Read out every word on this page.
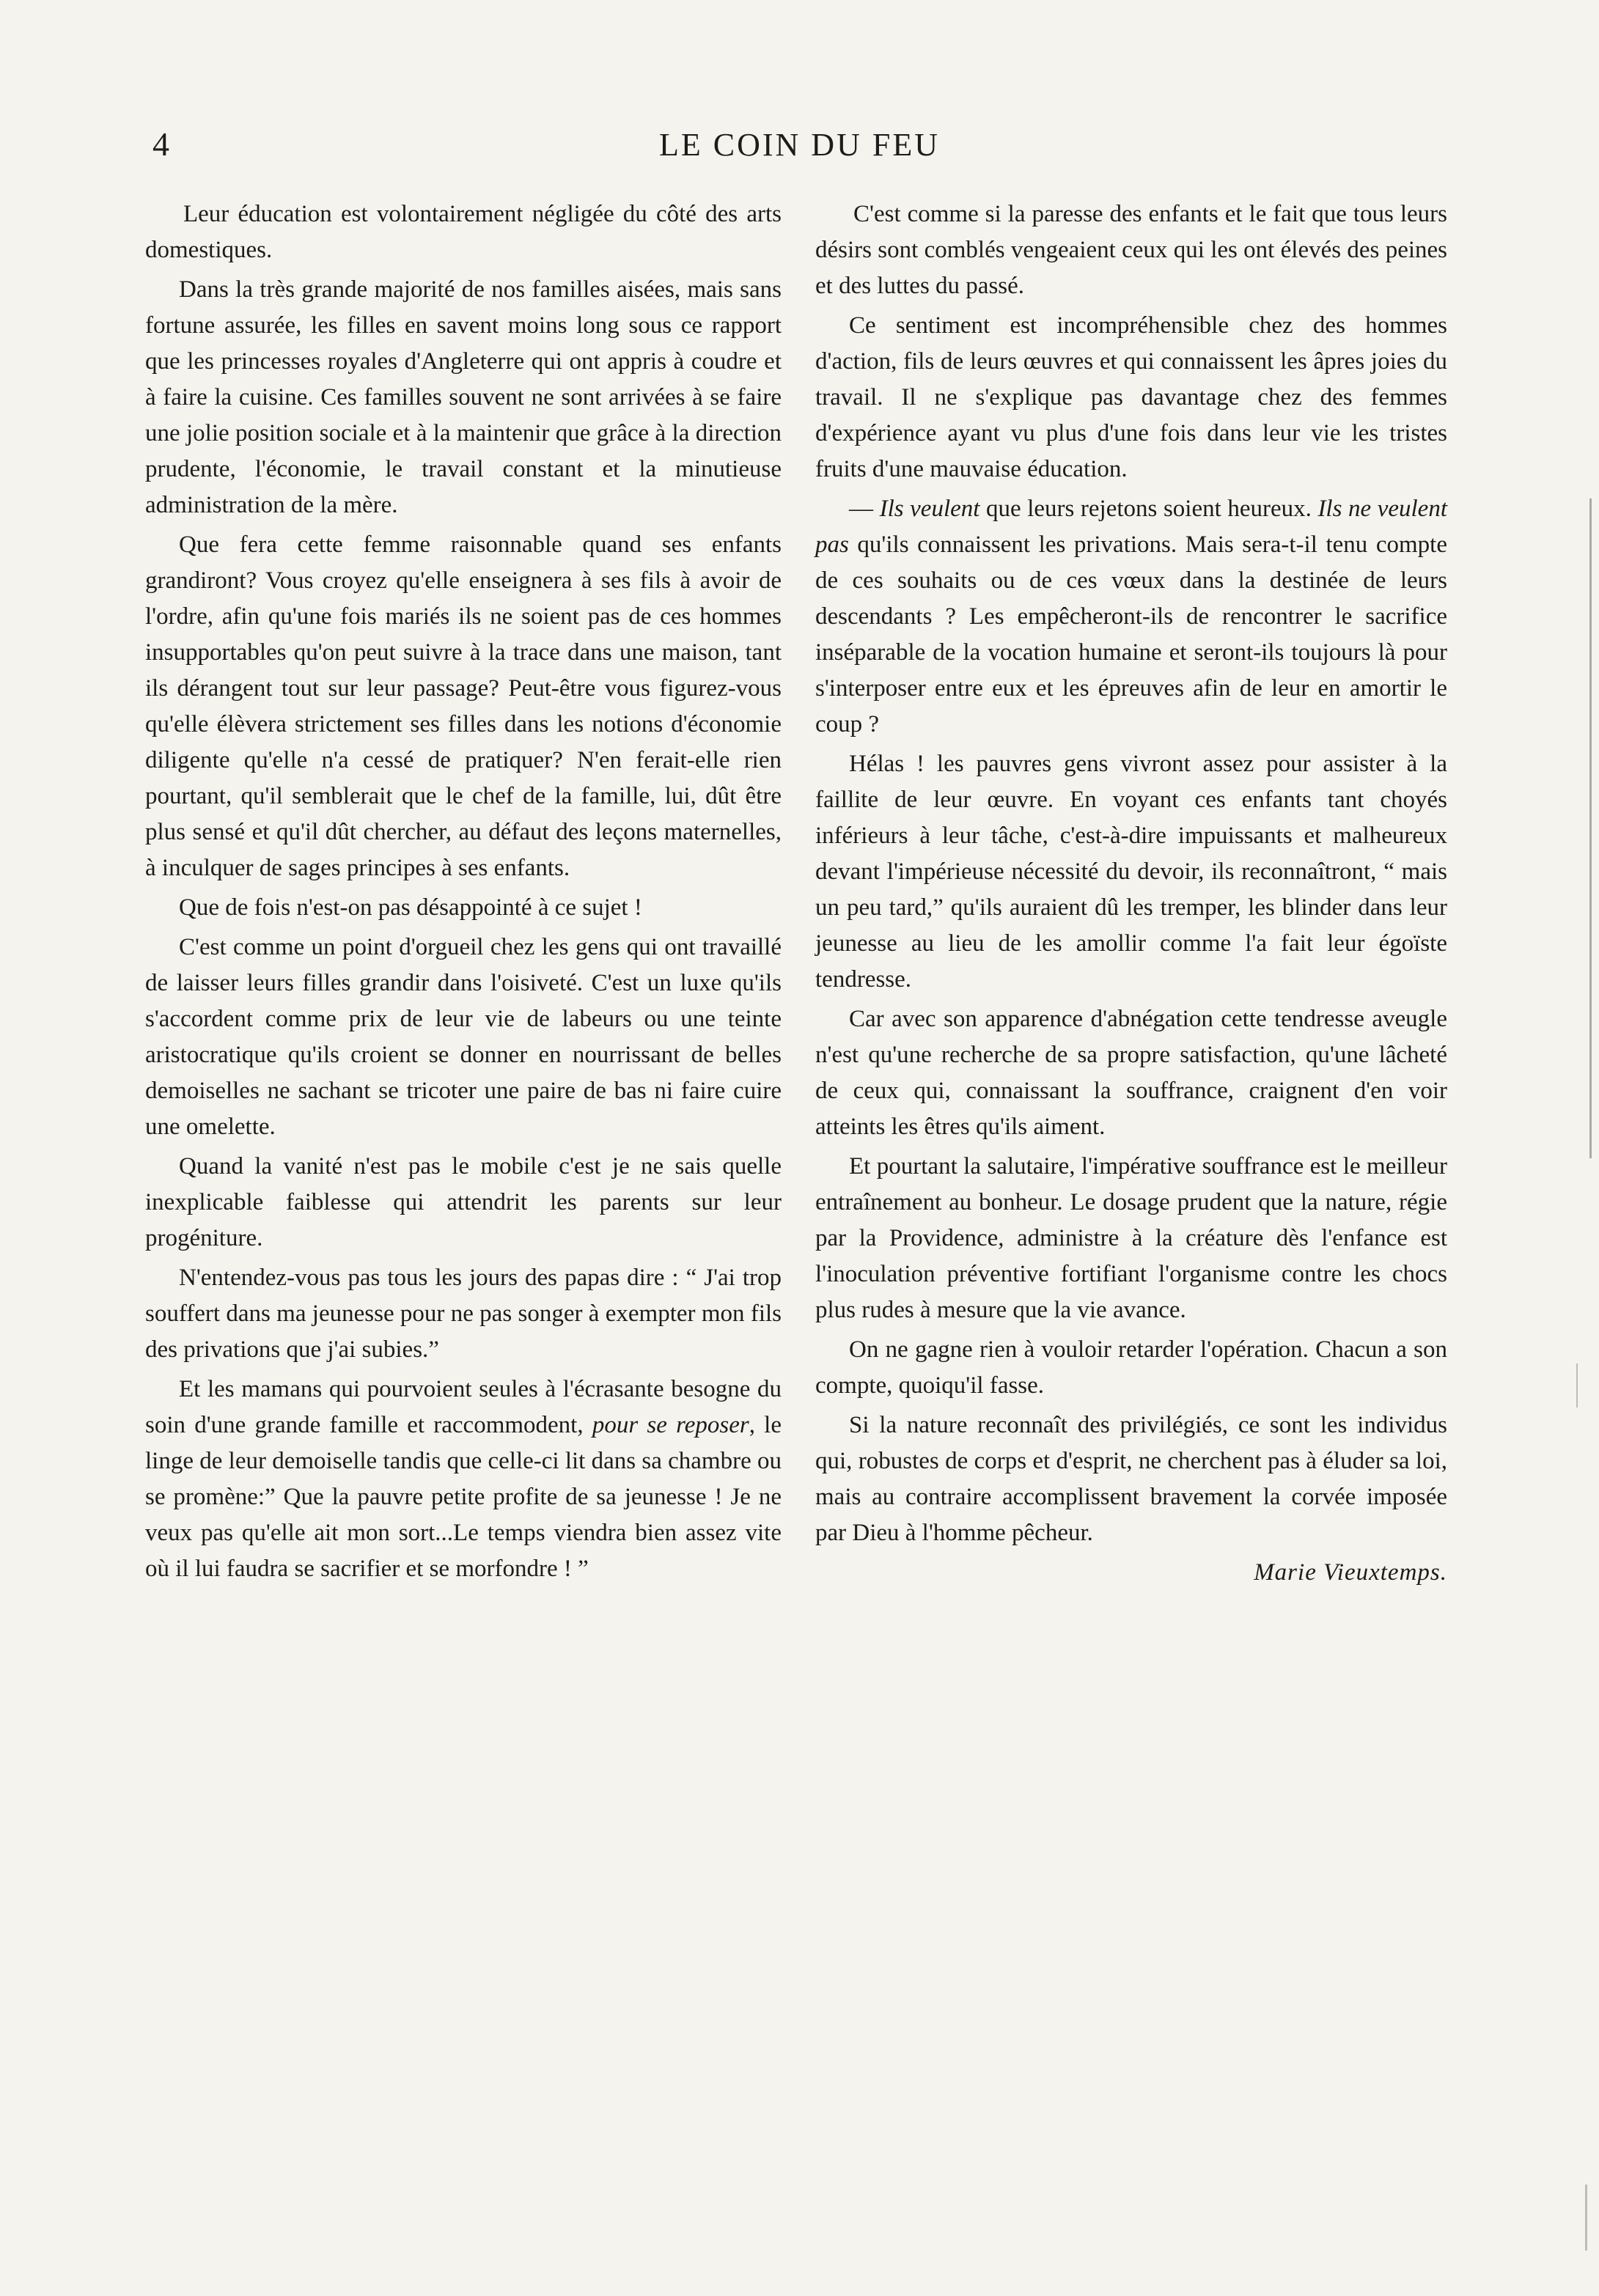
4	LE COIN DU FEU

Leur éducation est volontairement négligée du côté des arts domestiques.

Dans la très grande majorité de nos familles aisées, mais sans fortune assurée, les filles en savent moins long sous ce rapport que les princesses royales d'Angleterre qui ont appris à coudre et à faire la cuisine. Ces familles souvent ne sont arrivées à se faire une jolie position sociale et à la maintenir que grâce à la direction prudente, l'économie, le travail constant et la minutieuse administration de la mère.

Que fera cette femme raisonnable quand ses enfants grandiront? Vous croyez qu'elle enseignera à ses fils à avoir de l'ordre, afin qu'une fois mariés ils ne soient pas de ces hommes insupportables qu'on peut suivre à la trace dans une maison, tant ils dérangent tout sur leur passage? Peut-être vous figurez-vous qu'elle élèvera strictement ses filles dans les notions d'économie diligente qu'elle n'a cessé de pratiquer? N'en ferait-elle rien pourtant, qu'il semblerait que le chef de la famille, lui, dût être plus sensé et qu'il dût chercher, au défaut des leçons maternelles, à inculquer de sages principes à ses enfants.

Que de fois n'est-on pas désappointé à ce sujet !

C'est comme un point d'orgueil chez les gens qui ont travaillé de laisser leurs filles grandir dans l'oisiveté. C'est un luxe qu'ils s'accordent comme prix de leur vie de labeurs ou une teinte aristocratique qu'ils croient se donner en nourrissant de belles demoiselles ne sachant se tricoter une paire de bas ni faire cuire une omelette.

Quand la vanité n'est pas le mobile c'est je ne sais quelle inexplicable faiblesse qui attendrit les parents sur leur progéniture.

N'entendez-vous pas tous les jours des papas dire : “ J'ai trop souffert dans ma jeunesse pour ne pas songer à exempter mon fils des privations que j'ai subies.”

Et les mamans qui pourvoient seules à l'écrasante besogne du soin d'une grande famille et raccommodent, pour se reposer, le linge de leur demoiselle tandis que celle-ci lit dans sa chambre ou se promène:” Que la pauvre petite profite de sa jeunesse ! Je ne veux pas qu'elle ait mon sort...Le temps viendra bien assez vite où il lui faudra se sacrifier et se morfondre ! ”

C'est comme si la paresse des enfants et le fait que tous leurs désirs sont comblés vengeaient ceux qui les ont élevés des peines et des luttes du passé.

Ce sentiment est incompréhensible chez des hommes d'action, fils de leurs œuvres et qui connaissent les âpres joies du travail. Il ne s'explique pas davantage chez des femmes d'expérience ayant vu plus d'une fois dans leur vie les tristes fruits d'une mauvaise éducation.

— Ils veulent que leurs rejetons soient heureux. Ils ne veulent pas qu'ils connaissent les privations. Mais sera-t-il tenu compte de ces souhaits ou de ces vœux dans la destinée de leurs descendants ? Les empêcheront-ils de rencontrer le sacrifice inséparable de la vocation humaine et seront-ils toujours là pour s'interposer entre eux et les épreuves afin de leur en amortir le coup ?

Hélas ! les pauvres gens vivront assez pour assister à la faillite de leur œuvre. En voyant ces enfants tant choyés inférieurs à leur tâche, c'est-à-dire impuissants et malheureux devant l'impérieuse nécessité du devoir, ils reconnaîtront, “ mais un peu tard,” qu'ils auraient dû les tremper, les blinder dans leur jeunesse au lieu de les amollir comme l'a fait leur égoïste tendresse.

Car avec son apparence d'abnégation cette tendresse aveugle n'est qu'une recherche de sa propre satisfaction, qu'une lâcheté de ceux qui, connaissant la souffrance, craignent d'en voir atteints les êtres qu'ils aiment.

Et pourtant la salutaire, l'impérative souffrance est le meilleur entraînement au bonheur. Le dosage prudent que la nature, régie par la Providence, administre à la créature dès l'enfance est l'inoculation préventive fortifiant l'organisme contre les chocs plus rudes à mesure que la vie avance.

On ne gagne rien à vouloir retarder l'opération. Chacun a son compte, quoiqu'il fasse.

Si la nature reconnaît des privilégiés, ce sont les individus qui, robustes de corps et d'esprit, ne cherchent pas à éluder sa loi, mais au contraire accomplissent bravement la corvée imposée par Dieu à l'homme pêcheur.

Marie Vieuxtemps.
